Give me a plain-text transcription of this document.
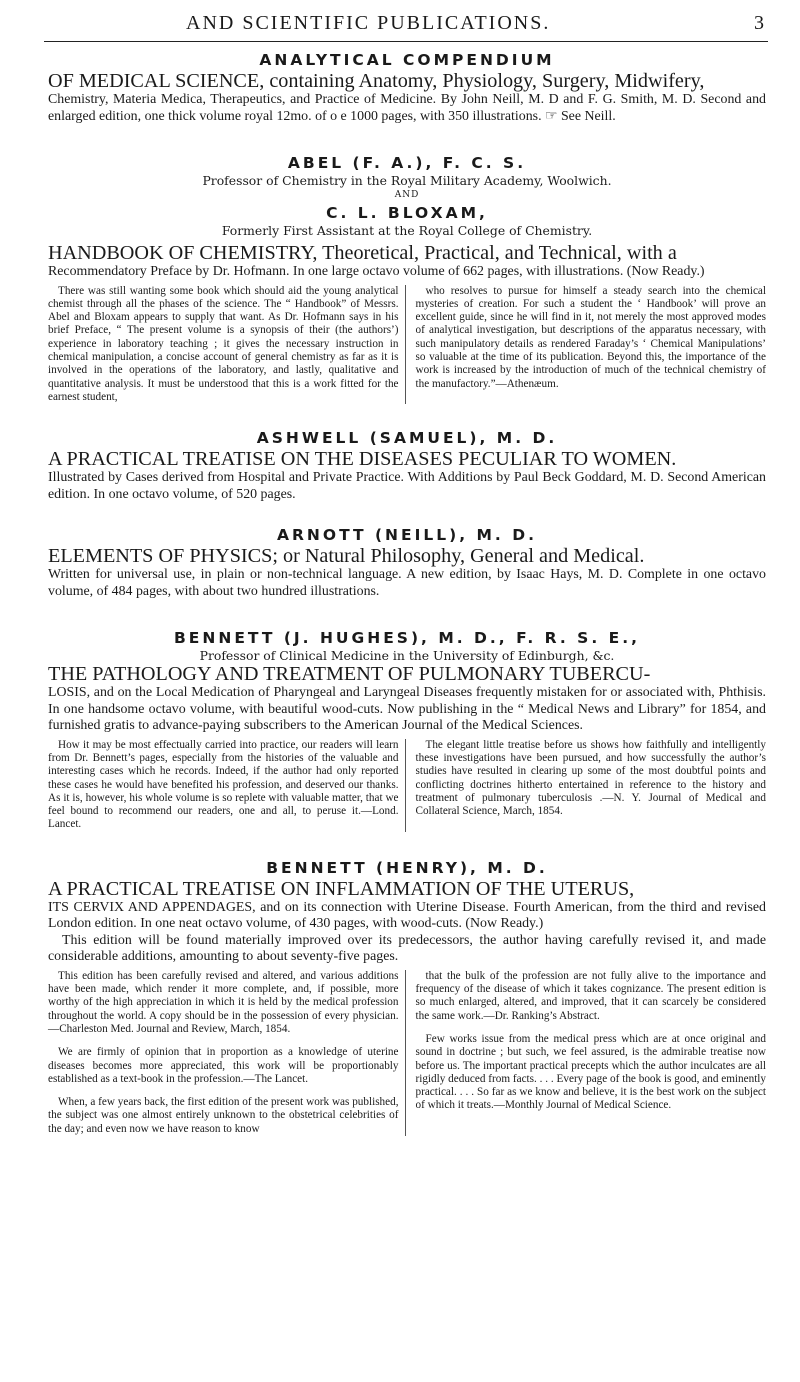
AND SCIENTIFIC PUBLICATIONS.	3
ANALYTICAL COMPENDIUM

OF MEDICAL SCIENCE, containing Anatomy, Physiology, Surgery, Midwifery,

Chemistry, Materia Medica, Therapeutics, and Practice of Medicine. By John Neill, M. D and F. G. Smith, M. D. Second and enlarged edition, one thick volume royal 12mo. of o e 1000 pages, with 350 illustrations. ☞ See Neill.

ABEL (F. A.), F. C. S.

Professor of Chemistry in the Royal Military Academy, Woolwich.

AND

C. L. BLOXAM,

Formerly First Assistant at the Royal College of Chemistry.

HANDBOOK OF CHEMISTRY, Theoretical, Practical, and Technical, with a

Recommendatory Preface by Dr. Hofmann. In one large octavo volume of 662 pages, with illustrations. (Now Ready.)

There was still wanting some book which should aid the young analytical chemist through all the phases of the science. The “ Handbook” of Messrs. Abel and Bloxam appears to supply that want. As Dr. Hofmann says in his brief Preface, “ The present volume is a synopsis of their (the authors’) experience in laboratory teaching ; it gives the necessary instruction in chemical manipulation, a concise account of general chemistry as far as it is involved in the operations of the laboratory, and lastly, qualitative and quantitative analysis. It must be understood that this is a work fitted for the earnest student,

who resolves to pursue for himself a steady search into the chemical mysteries of creation. For such a student the ‘ Handbook’ will prove an excellent guide, since he will find in it, not merely the most approved modes of analytical investigation, but descriptions of the apparatus necessary, with such manipulatory details as rendered Faraday’s ‘ Chemical Manipulations’ so valuable at the time of its publication. Beyond this, the importance of the work is increased by the introduction of much of the technical chemistry of the manufactory.”—Athenæum.

ASHWELL (SAMUEL), M. D.

A PRACTICAL TREATISE ON THE DISEASES PECULIAR TO WOMEN.

Illustrated by Cases derived from Hospital and Private Practice. With Additions by Paul Beck Goddard, M. D. Second American edition. In one octavo volume, of 520 pages.

ARNOTT (NEILL), M. D.

ELEMENTS OF PHYSICS; or Natural Philosophy, General and Medical.

Written for universal use, in plain or non-technical language. A new edition, by Isaac Hays, M. D. Complete in one octavo volume, of 484 pages, with about two hundred illustrations.

BENNETT (J. HUGHES), M. D., F. R. S. E.,

Professor of Clinical Medicine in the University of Edinburgh, &c.

THE PATHOLOGY AND TREATMENT OF PULMONARY TUBERCU-

LOSIS, and on the Local Medication of Pharyngeal and Laryngeal Diseases frequently mistaken for or associated with, Phthisis. In one handsome octavo volume, with beautiful wood-cuts. Now publishing in the “ Medical News and Library” for 1854, and furnished gratis to advance-paying subscribers to the American Journal of the Medical Sciences.

How it may be most effectually carried into practice, our readers will learn from Dr. Bennett’s pages, especially from the histories of the valuable and interesting cases which he records. Indeed, if the author had only reported these cases he would have benefited his profession, and deserved our thanks. As it is, however, his whole volume is so replete with valuable matter, that we feel bound to recommend our readers, one and all, to peruse it.—Lond. Lancet.

The elegant little treatise before us shows how faithfully and intelligently these investigations have been pursued, and how successfully the author’s studies have resulted in clearing up some of the most doubtful points and conflicting doctrines hitherto entertained in reference to the history and treatment of pulmonary tuberculosis .—N. Y. Journal of Medical and Collateral Science, March, 1854.

BENNETT (HENRY), M. D.

A PRACTICAL TREATISE ON INFLAMMATION OF THE UTERUS,

ITS CERVIX AND APPENDAGES, and on its connection with Uterine Disease. Fourth American, from the third and revised London edition. In one neat octavo volume, of 430 pages, with wood-cuts. (Now Ready.)

This edition will be found materially improved over its predecessors, the author having carefully revised it, and made considerable additions, amounting to about seventy-five pages.

This edition has been carefully revised and altered, and various additions have been made, which render it more complete, and, if possible, more worthy of the high appreciation in which it is held by the medical profession throughout the world. A copy should be in the possession of every physician.—Charleston Med. Journal and Review, March, 1854.

We are firmly of opinion that in proportion as a knowledge of uterine diseases becomes more appreciated, this work will be proportionably established as a text-book in the profession.—The Lancet.

When, a few years back, the first edition of the present work was published, the subject was one almost entirely unknown to the obstetrical celebrities of the day; and even now we have reason to know

that the bulk of the profession are not fully alive to the importance and frequency of the disease of which it takes cognizance. The present edition is so much enlarged, altered, and improved, that it can scarcely be considered the same work.—Dr. Ranking’s Abstract.

Few works issue from the medical press which are at once original and sound in doctrine ; but such, we feel assured, is the admirable treatise now before us. The important practical precepts which the author inculcates are all rigidly deduced from facts. . . . Every page of the book is good, and eminently practical. . . . So far as we know and believe, it is the best work on the subject of which it treats.—Monthly Journal of Medical Science.
